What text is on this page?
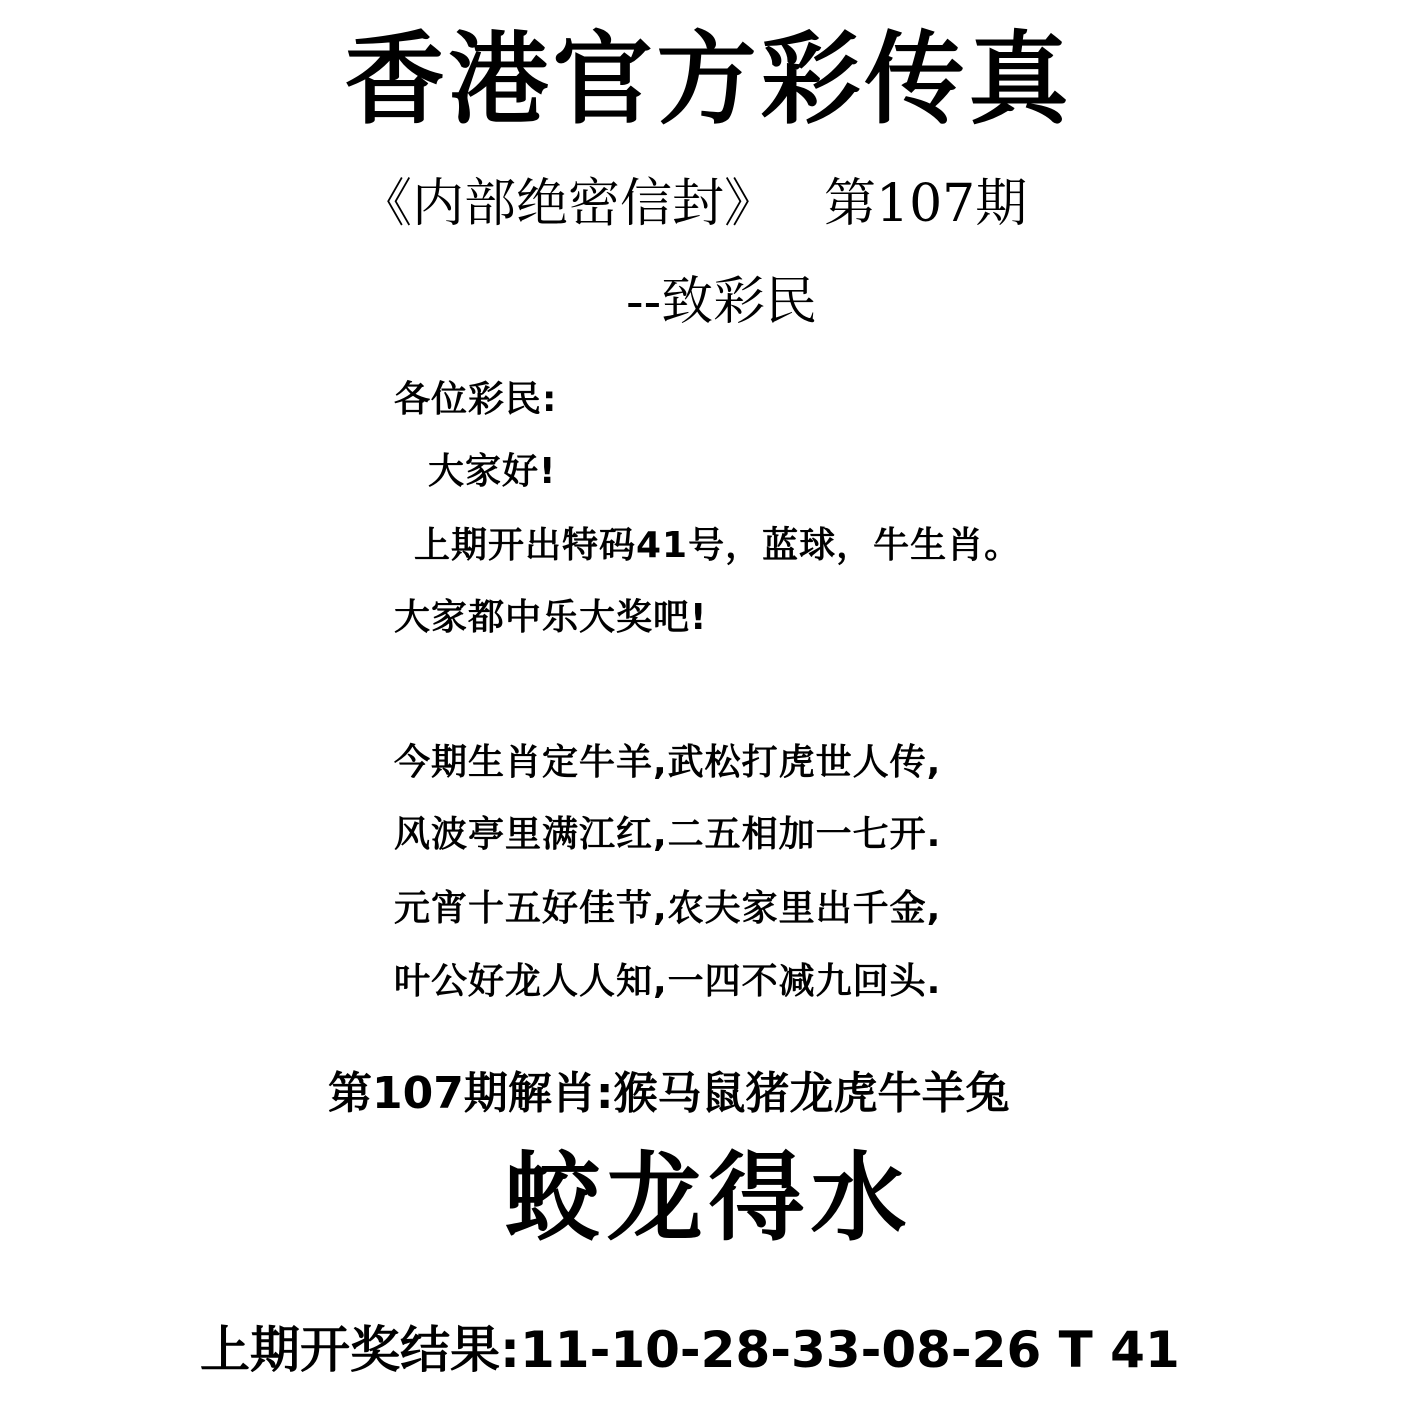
香港官方彩传真
《内部绝密信封》 第107期
--致彩民
各位彩民:
大家好!
上期开出特码41号，蓝球，牛生肖。
大家都中乐大奖吧!
今期生肖定牛羊,武松打虎世人传,
风波亭里满江红,二五相加一七开.
元宵十五好佳节,农夫家里出千金,
叶公好龙人人知,一四不减九回头.
第107期解肖:猴马鼠猪龙虎牛羊兔
蛟龙得水
上期开奖结果:11-10-28-33-08-26 T 41
